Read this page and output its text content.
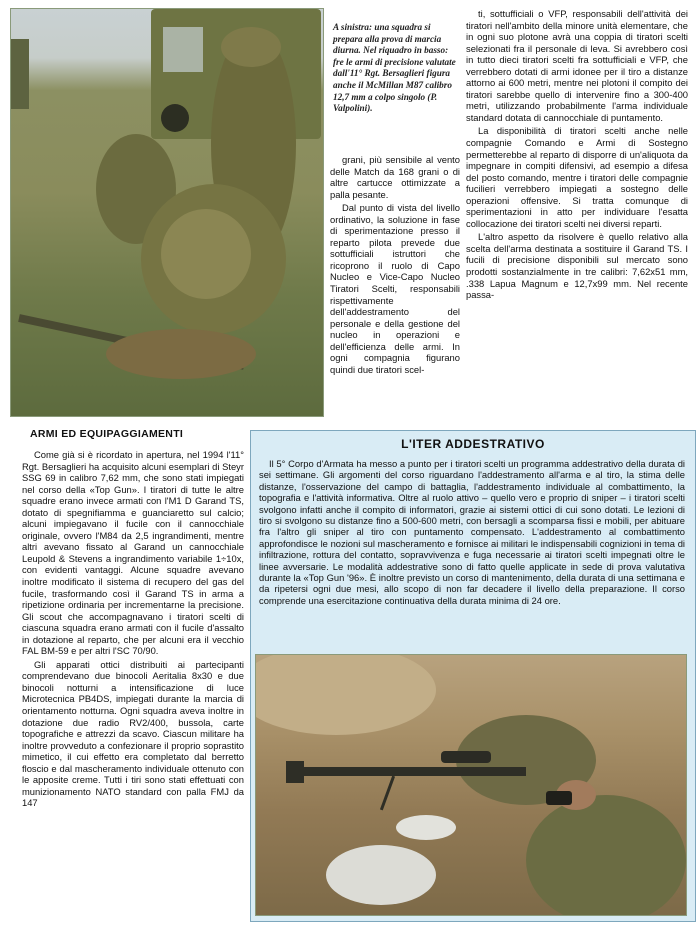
A sinistra: una squadra si prepara alla prova di marcia diurna. Nel riquadro in basso: fre le armi di precisione valutate dall'11° Rgt. Bersaglieri figura anche il McMillan M87 calibro 12,7 mm a colpo singolo (P. Valpolini).

grani, più sensibile al vento delle Match da 168 grani o di altre cartucce ottimizzate a palla pesante.

Dal punto di vista del livello ordinativo, la soluzione in fase di sperimentazione presso il reparto pilota prevede due sottufficiali istruttori che ricoprono il ruolo di Capo Nucleo e Vice-Capo Nucleo Tiratori Scelti, responsabili rispettivamente dell'addestramento del personale e della gestione del nucleo in operazioni e dell'efficienza delle armi. In ogni compagnia figurano quindi due tiratori scel-

ti, sottufficiali o VFP, responsabili dell'attività dei tiratori nell'ambito della minore unità elementare, che in ogni suo plotone avrà una coppia di tiratori scelti selezionati fra il personale di leva. Si avrebbero così in tutto dieci tiratori scelti fra sottufficiali e VFP, che verrebbero dotati di armi idonee per il tiro a distanze attorno ai 600 metri, mentre nei plotoni il compito dei tiratori sarebbe quello di intervenire fino a 300-400 metri, utilizzando probabilmente l'arma individuale standard dotata di cannocchiale di puntamento.

La disponibilità di tiratori scelti anche nelle compagnie Comando e Armi di Sostegno permetterebbe al reparto di disporre di un'aliquota da impegnare in compiti difensivi, ad esempio a difesa del posto comando, mentre i tiratori delle compagnie fucilieri verrebbero impiegati a sostegno delle operazioni offensive. Si tratta comunque di sperimentazioni in atto per individuare l'esatta collocazione dei tiratori scelti nei diversi reparti.

L'altro aspetto da risolvere è quello relativo alla scelta dell'arma destinata a sostituire il Garand TS. I fucili di precisione disponibili sul mercato sono prodotti sostanzialmente in tre calibri: 7,62x51 mm, .338 Lapua Magnum e 12,7x99 mm. Nel recente passa-

ARMI ED EQUIPAGGIAMENTI

Come già si è ricordato in apertura, nel 1994 l'11° Rgt. Bersaglieri ha acquisito alcuni esemplari di Steyr SSG 69 in calibro 7,62 mm, che sono stati impiegati nel corso della «Top Gun». I tiratori di tutte le altre squadre erano invece armati con l'M1 D Garand TS, dotato di spegnifiamma e guanciaretto sul calcio; alcuni impiegavano il fucile con il cannocchiale originale, ovvero l'M84 da 2,5 ingrandimenti, mentre altri avevano fissato al Garand un cannocchiale Leupold & Stevens a ingrandimento variabile 1÷10x, con evidenti vantaggi. Alcune squadre avevano inoltre modificato il sistema di recupero del gas del fucile, trasformando così il Garand TS in arma a ripetizione ordinaria per incrementarne la precisione. Gli scout che accompagnavano i tiratori scelti di ciascuna squadra erano armati con il fucile d'assalto in dotazione al reparto, che per alcuni era il vecchio FAL BM-59 e per altri l'SC 70/90.

Gli apparati ottici distribuiti ai partecipanti comprendevano due binocoli Aeritalia 8x30 e due binocoli notturni a intensificazione di luce Microtecnica PB4DS, impiegati durante la marcia di orientamento notturna. Ogni squadra aveva inoltre in dotazione due radio RV2/400, bussola, carte topografiche e attrezzi da scavo. Ciascun militare ha inoltre provveduto a confezionare il proprio soprastito mimetico, il cui effetto era completato dal berretto floscio e dal mascheramento individuale ottenuto con le apposite creme. Tutti i tiri sono stati effettuati con munizionamento NATO standard con palla FMJ da 147

L'ITER ADDESTRATIVO

Il 5° Corpo d'Armata ha messo a punto per i tiratori scelti un programma addestrativo della durata di sei settimane. Gli argomenti del corso riguardano l'addestramento all'arma e al tiro, la stima delle distanze, l'osservazione del campo di battaglia, l'addestramento individuale al combattimento, la topografia e l'attività informativa. Oltre al ruolo attivo – quello vero e proprio di sniper – i tiratori scelti svolgono infatti anche il compito di informatori, grazie ai sistemi ottici di cui sono dotati. Le lezioni di tiro si svolgono su distanze fino a 500-600 metri, con bersagli a scomparsa fissi e mobili, per abituare fra l'altro gli sniper al tiro con puntamento compensato. L'addestramento al combattimento approfondisce le nozioni sul mascheramento e fornisce ai militari le indispensabili cognizioni in tema di infiltrazione, rottura del contatto, sopravvivenza e fuga necessarie ai tiratori scelti impegnati oltre le linee avversarie. Le modalità addestrative sono di fatto quelle applicate in sede di prova valutativa durante la «Top Gun '96». È inoltre previsto un corso di mantenimento, della durata di una settimana e da ripetersi ogni due mesi, allo scopo di non far decadere il livello della preparazione. Il corso comprende una esercitazione continuativa della durata minima di 24 ore.
